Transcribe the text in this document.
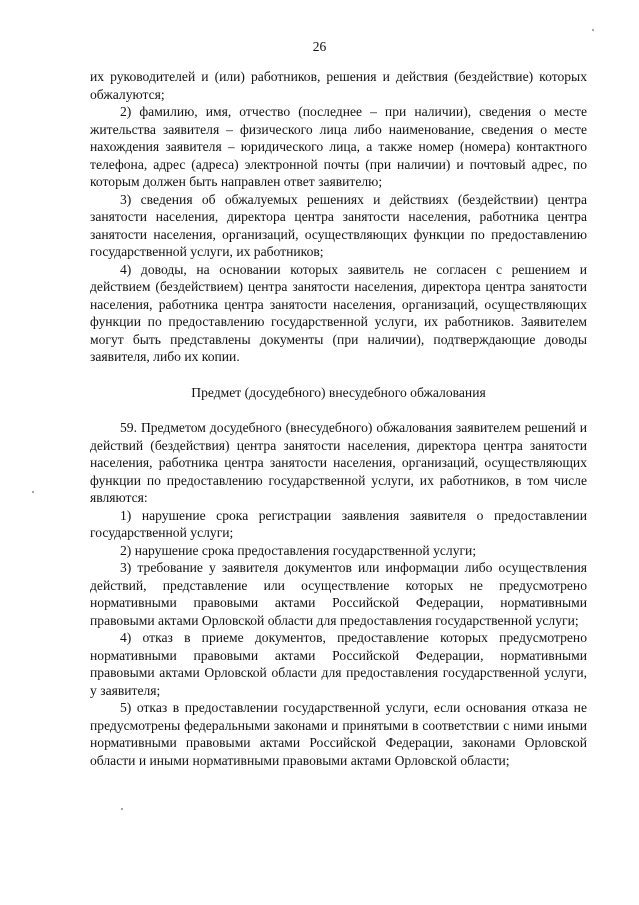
26

их руководителей и (или) работников, решения и действия (бездействие) которых обжалуются;

2) фамилию, имя, отчество (последнее – при наличии), сведения о месте жительства заявителя – физического лица либо наименование, сведения о месте нахождения заявителя – юридического лица, а также номер (номера) контактного телефона, адрес (адреса) электронной почты (при наличии) и почтовый адрес, по которым должен быть направлен ответ заявителю;

3) сведения об обжалуемых решениях и действиях (бездействии) центра занятости населения, директора центра занятости населения, работника центра занятости населения, организаций, осуществляющих функции по предоставлению государственной услуги, их работников;

4) доводы, на основании которых заявитель не согласен с решением и действием (бездействием) центра занятости населения, директора центра занятости населения, работника центра занятости населения, организаций, осуществляющих функции по предоставлению государственной услуги, их работников. Заявителем могут быть представлены документы (при наличии), подтверждающие доводы заявителя, либо их копии.

Предмет (досудебного) внесудебного обжалования

59. Предметом досудебного (внесудебного) обжалования заявителем решений и действий (бездействия) центра занятости населения, директора центра занятости населения, работника центра занятости населения, организаций, осуществляющих функции по предоставлению государственной услуги, их работников, в том числе являются:

1) нарушение срока регистрации заявления заявителя о предоставлении государственной услуги;

2) нарушение срока предоставления государственной услуги;

3) требование у заявителя документов или информации либо осуществления действий, представление или осуществление которых не предусмотрено нормативными правовыми актами Российской Федерации, нормативными правовыми актами Орловской области для предоставления государственной услуги;

4) отказ в приеме документов, предоставление которых предусмотрено нормативными правовыми актами Российской Федерации, нормативными правовыми актами Орловской области для предоставления государственной услуги, у заявителя;

5) отказ в предоставлении государственной услуги, если основания отказа не предусмотрены федеральными законами и принятыми в соответствии с ними иными нормативными правовыми актами Российской Федерации, законами Орловской области и иными нормативными правовыми актами Орловской области;
